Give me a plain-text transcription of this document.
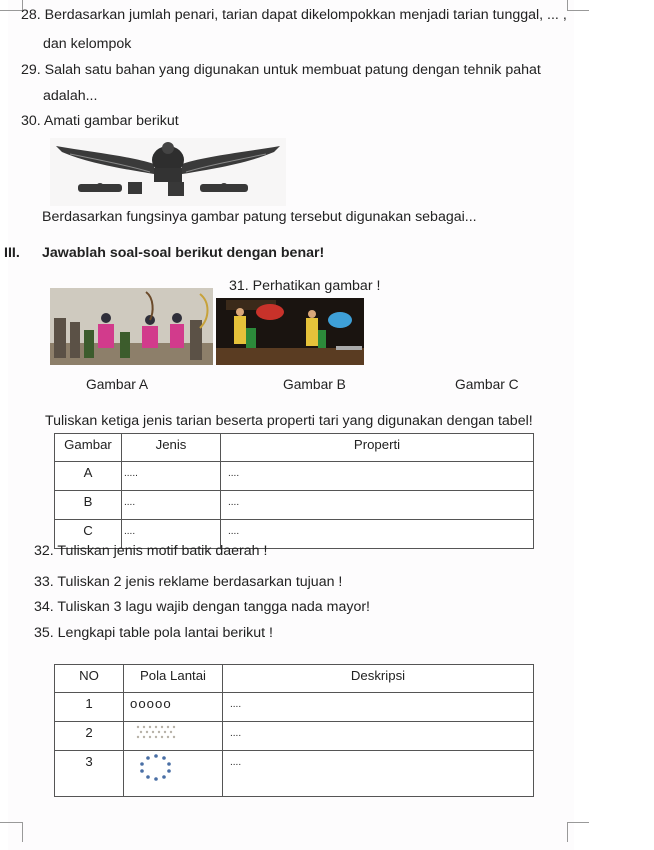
28. Berdasarkan jumlah penari, tarian dapat dikelompokkan menjadi tarian tunggal, ... ,
dan kelompok
29. Salah satu bahan yang digunakan untuk membuat patung dengan tehnik pahat
adalah...
30. Amati gambar berikut
Berdasarkan fungsinya gambar patung tersebut digunakan sebagai...
III. Jawablah soal-soal berikut dengan benar!
31. Perhatikan gambar !
Gambar A	Gambar B	Gambar C
Tuliskan ketiga jenis tarian beserta properti tari yang digunakan dengan tabel!
Gambar	Jenis	Properti
A	.....	....
B	....	....
C	....	....
32. Tuliskan jenis motif batik daerah !
33. Tuliskan 2 jenis reklame berdasarkan tujuan !
34. Tuliskan 3 lagu wajib dengan tangga nada mayor!
35. Lengkapi table pola lantai berikut !
NO	Pola Lantai	Deskripsi
1	ooooo	....
2		....
3		....
